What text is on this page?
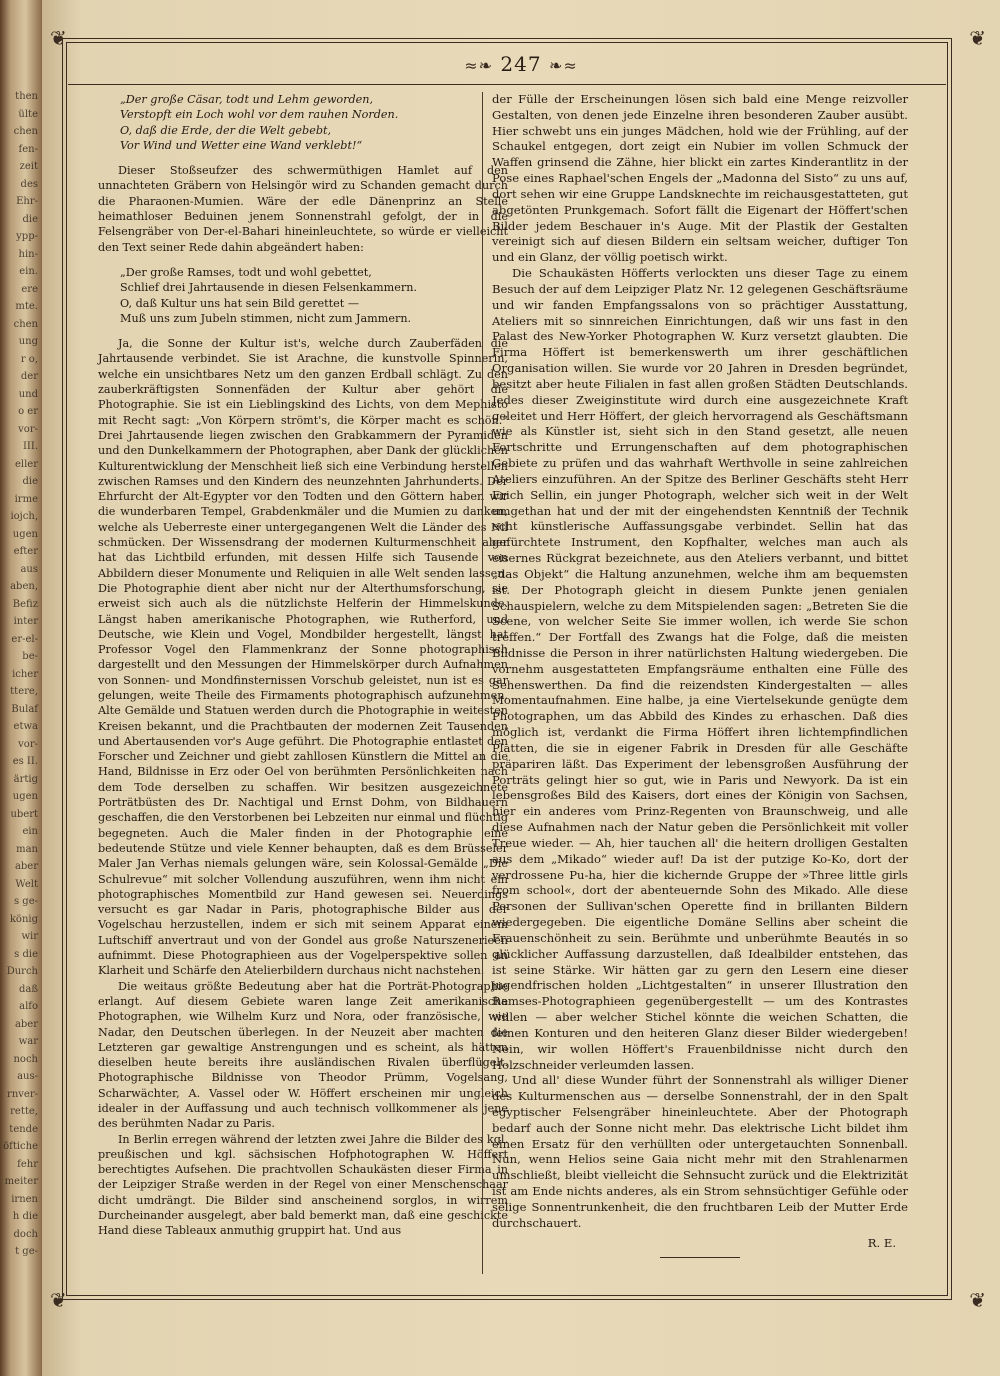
then
ülte
chen
fen-
zeit
des
Ehr-
die
ypp-
hin-
ein.
ere
mte.
chen
ung
r o,
der
und
o er
vor-
III.
eller
die
irme
iojch,
ugen
efter
aus
aben,
Befiz
inter
er-el-
be-
icher
ttere,
Bulaf
etwa
vor-
es II.
ärtig
ugen
ubert
ein
man
aber
Welt
s ge-
könig
wir
s die
Durch
daß
alfo
aber
war
noch
aus-
rnver-
rette,
tende
öftiche
fehr
meiter
irnen
h die
doch
t ge-
❦	❦
❦	❦
≈❧ 247 ❧≈
„Der große Cäsar, todt und Lehm geworden,
Verstopft ein Loch wohl vor dem rauhen Norden.
O, daß die Erde, der die Welt gebebt,
Vor Wind und Wetter eine Wand verklebt!“

Dieser Stoßseufzer des schwermüthigen Hamlet auf den unnachteten Gräbern von Helsingör wird zu Schanden gemacht durch die Pharaonen-Mumien. Wäre der edle Dänenprinz an Stelle heimathloser Beduinen jenem Sonnenstrahl gefolgt, der in die Felsengräber von Der-el-Bahari hineinleuchtete, so würde er vielleicht den Text seiner Rede dahin abgeändert haben:

„Der große Ramses, todt und wohl gebettet,
Schlief drei Jahrtausende in diesen Felsenkammern.
O, daß Kultur uns hat sein Bild gerettet —
Muß uns zum Jubeln stimmen, nicht zum Jammern.

Ja, die Sonne der Kultur ist's, welche durch Zauberfäden die Jahrtausende verbindet. Sie ist Arachne, die kunstvolle Spinnerin, welche ein unsichtbares Netz um den ganzen Erdball schlägt. Zu den zauberkräftigsten Sonnenfäden der Kultur aber gehört die Photographie. Sie ist ein Lieblingskind des Lichts, von dem Mephisto mit Recht sagt: „Von Körpern strömt's, die Körper macht es schön.“ Drei Jahrtausende liegen zwischen den Grabkammern der Pyramiden und den Dunkelkammern der Photographen, aber Dank der glücklichen Kulturentwicklung der Menschheit ließ sich eine Verbindung herstellen zwischen Ramses und den Kindern des neunzehnten Jahrhunderts. Der Ehrfurcht der Alt-Egypter vor den Todten und den Göttern haben wir die wunderbaren Tempel, Grabdenkmäler und die Mumien zu danken, welche als Ueberreste einer untergegangenen Welt die Länder des Nil schmücken. Der Wissensdrang der modernen Kulturmenschheit aber hat das Lichtbild erfunden, mit dessen Hilfe sich Tausende von Abbildern dieser Monumente und Reliquien in alle Welt senden lassen. Die Photographie dient aber nicht nur der Alterthumsforschung, sie erweist sich auch als die nützlichste Helferin der Himmelskunde. Längst haben amerikanische Photographen, wie Rutherford, und Deutsche, wie Klein und Vogel, Mondbilder hergestellt, längst hat Professor Vogel den Flammenkranz der Sonne photographisch dargestellt und den Messungen der Himmelskörper durch Aufnahmen von Sonnen- und Mondfinsternissen Vorschub geleistet, nun ist es gar gelungen, weite Theile des Firmaments photographisch aufzunehmen. Alte Gemälde und Statuen werden durch die Photographie in weitesten Kreisen bekannt, und die Prachtbauten der modernen Zeit Tausenden und Abertausenden vor's Auge geführt. Die Photographie entlastet den Forscher und Zeichner und giebt zahllosen Künstlern die Mittel an die Hand, Bildnisse in Erz oder Oel von berühmten Persönlichkeiten nach dem Tode derselben zu schaffen. Wir besitzen ausgezeichnete Porträtbüsten des Dr. Nachtigal und Ernst Dohm, von Bildhauern geschaffen, die den Verstorbenen bei Lebzeiten nur einmal und flüchtig begegneten. Auch die Maler finden in der Photographie eine bedeutende Stütze und viele Kenner behaupten, daß es dem Brüsseler Maler Jan Verhas niemals gelungen wäre, sein Kolossal-Gemälde „Die Schulrevue“ mit solcher Vollendung auszuführen, wenn ihm nicht ein photographisches Momentbild zur Hand gewesen sei. Neuerdings versucht es gar Nadar in Paris, photographische Bilder aus der Vogelschau herzustellen, indem er sich mit seinem Apparat einem Luftschiff anvertraut und von der Gondel aus große Naturszenerieen aufnimmt. Diese Photographieen aus der Vogelperspektive sollen an Klarheit und Schärfe den Atelierbildern durchaus nicht nachstehen.

Die weitaus größte Bedeutung aber hat die Porträt-Photographie erlangt. Auf diesem Gebiete waren lange Zeit amerikanische Photographen, wie Wilhelm Kurz und Nora, oder französische, wie Nadar, den Deutschen überlegen. In der Neuzeit aber machten die Letzteren gar gewaltige Anstrengungen und es scheint, als hätten dieselben heute bereits ihre ausländischen Rivalen überflügelt. Photographische Bildnisse von Theodor Prümm, Vogelsang, Scharwächter, A. Vassel oder W. Höffert erscheinen mir ungleich idealer in der Auffassung und auch technisch vollkommener als jene des berühmten Nadar zu Paris.

In Berlin erregen während der letzten zwei Jahre die Bilder des kgl. preußischen und kgl. sächsischen Hofphotographen W. Höffert berechtigtes Aufsehen. Die prachtvollen Schaukästen dieser Firma in der Leipziger Straße werden in der Regel von einer Menschenschaar dicht umdrängt. Die Bilder sind anscheinend sorglos, in wirrem Durcheinander ausgelegt, aber bald bemerkt man, daß eine geschickte Hand diese Tableaux anmuthig gruppirt hat. Und aus

der Fülle der Erscheinungen lösen sich bald eine Menge reizvoller Gestalten, von denen jede Einzelne ihren besonderen Zauber ausübt. Hier schwebt uns ein junges Mädchen, hold wie der Frühling, auf der Schaukel entgegen, dort zeigt ein Nubier im vollen Schmuck der Waffen grinsend die Zähne, hier blickt ein zartes Kinderantlitz in der Pose eines Raphael'schen Engels der „Madonna del Sisto“ zu uns auf, dort sehen wir eine Gruppe Landsknechte im reichausgestatteten, gut abgetönten Prunkgemach. Sofort fällt die Eigenart der Höffert'schen Bilder jedem Beschauer in's Auge. Mit der Plastik der Gestalten vereinigt sich auf diesen Bildern ein seltsam weicher, duftiger Ton und ein Glanz, der völlig poetisch wirkt.

Die Schaukästen Höfferts verlockten uns dieser Tage zu einem Besuch der auf dem Leipziger Platz Nr. 12 gelegenen Geschäftsräume und wir fanden Empfangssalons von so prächtiger Ausstattung, Ateliers mit so sinnreichen Einrichtungen, daß wir uns fast in den Palast des New-Yorker Photographen W. Kurz versetzt glaubten. Die Firma Höffert ist bemerkenswerth um ihrer geschäftlichen Organisation willen. Sie wurde vor 20 Jahren in Dresden begründet, besitzt aber heute Filialen in fast allen großen Städten Deutschlands. Jedes dieser Zweiginstitute wird durch eine ausgezeichnete Kraft geleitet und Herr Höffert, der gleich hervorragend als Geschäftsmann wie als Künstler ist, sieht sich in den Stand gesetzt, alle neuen Fortschritte und Errungenschaften auf dem photographischen Gebiete zu prüfen und das wahrhaft Werthvolle in seine zahlreichen Ateliers einzuführen. An der Spitze des Berliner Geschäfts steht Herr Erich Sellin, ein junger Photograph, welcher sich weit in der Welt umgethan hat und der mit der eingehendsten Kenntniß der Technik echt künstlerische Auffassungsgabe verbindet. Sellin hat das gefürchtete Instrument, den Kopfhalter, welches man auch als eisernes Rückgrat bezeichnete, aus den Ateliers verbannt, und bittet „das Objekt“ die Haltung anzunehmen, welche ihm am bequemsten ist. Der Photograph gleicht in diesem Punkte jenen genialen Schauspielern, welche zu dem Mitspielenden sagen: „Betreten Sie die Scene, von welcher Seite Sie immer wollen, ich werde Sie schon treffen.“ Der Fortfall des Zwangs hat die Folge, daß die meisten Bildnisse die Person in ihrer natürlichsten Haltung wiedergeben. Die vornehm ausgestatteten Empfangsräume enthalten eine Fülle des Sehenswerthen. Da find die reizendsten Kindergestalten — alles Momentaufnahmen. Eine halbe, ja eine Viertelsekunde genügte dem Photographen, um das Abbild des Kindes zu erhaschen. Daß dies möglich ist, verdankt die Firma Höffert ihren lichtempfindlichen Platten, die sie in eigener Fabrik in Dresden für alle Geschäfte präpariren läßt. Das Experiment der lebensgroßen Ausführung der Porträts gelingt hier so gut, wie in Paris und Newyork. Da ist ein lebensgroßes Bild des Kaisers, dort eines der Königin von Sachsen, hier ein anderes vom Prinz-Regenten von Braunschweig, und alle diese Aufnahmen nach der Natur geben die Persönlichkeit mit voller Treue wieder. — Ah, hier tauchen all' die heitern drolligen Gestalten aus dem „Mikado“ wieder auf! Da ist der putzige Ko-Ko, dort der verdrossene Pu-ha, hier die kichernde Gruppe der »Three little girls from school«, dort der abenteuernde Sohn des Mikado. Alle diese Personen der Sullivan'schen Operette find in brillanten Bildern wiedergegeben. Die eigentliche Domäne Sellins aber scheint die Frauenschönheit zu sein. Berühmte und unberühmte Beautés in so glücklicher Auffassung darzustellen, daß Idealbilder entstehen, das ist seine Stärke. Wir hätten gar zu gern den Lesern eine dieser jugendfrischen holden „Lichtgestalten“ in unserer Illustration den Ramses-Photographieen gegenübergestellt — um des Kontrastes willen — aber welcher Stichel könnte die weichen Schatten, die feinen Konturen und den heiteren Glanz dieser Bilder wiedergeben! Nein, wir wollen Höffert's Frauenbildnisse nicht durch den Holzschneider verleumden lassen.

Und all' diese Wunder führt der Sonnenstrahl als williger Diener des Kulturmenschen aus — derselbe Sonnenstrahl, der in den Spalt egyptischer Felsengräber hineinleuchtete. Aber der Photograph bedarf auch der Sonne nicht mehr. Das elektrische Licht bildet ihm einen Ersatz für den verhüllten oder untergetauchten Sonnenball. Nun, wenn Helios seine Gaia nicht mehr mit den Strahlenarmen umschließt, bleibt vielleicht die Sehnsucht zurück und die Elektrizität ist am Ende nichts anderes, als ein Strom sehnsüchtiger Gefühle oder selige Sonnentrunkenheit, die den fruchtbaren Leib der Mutter Erde durchschauert.

R. E.
